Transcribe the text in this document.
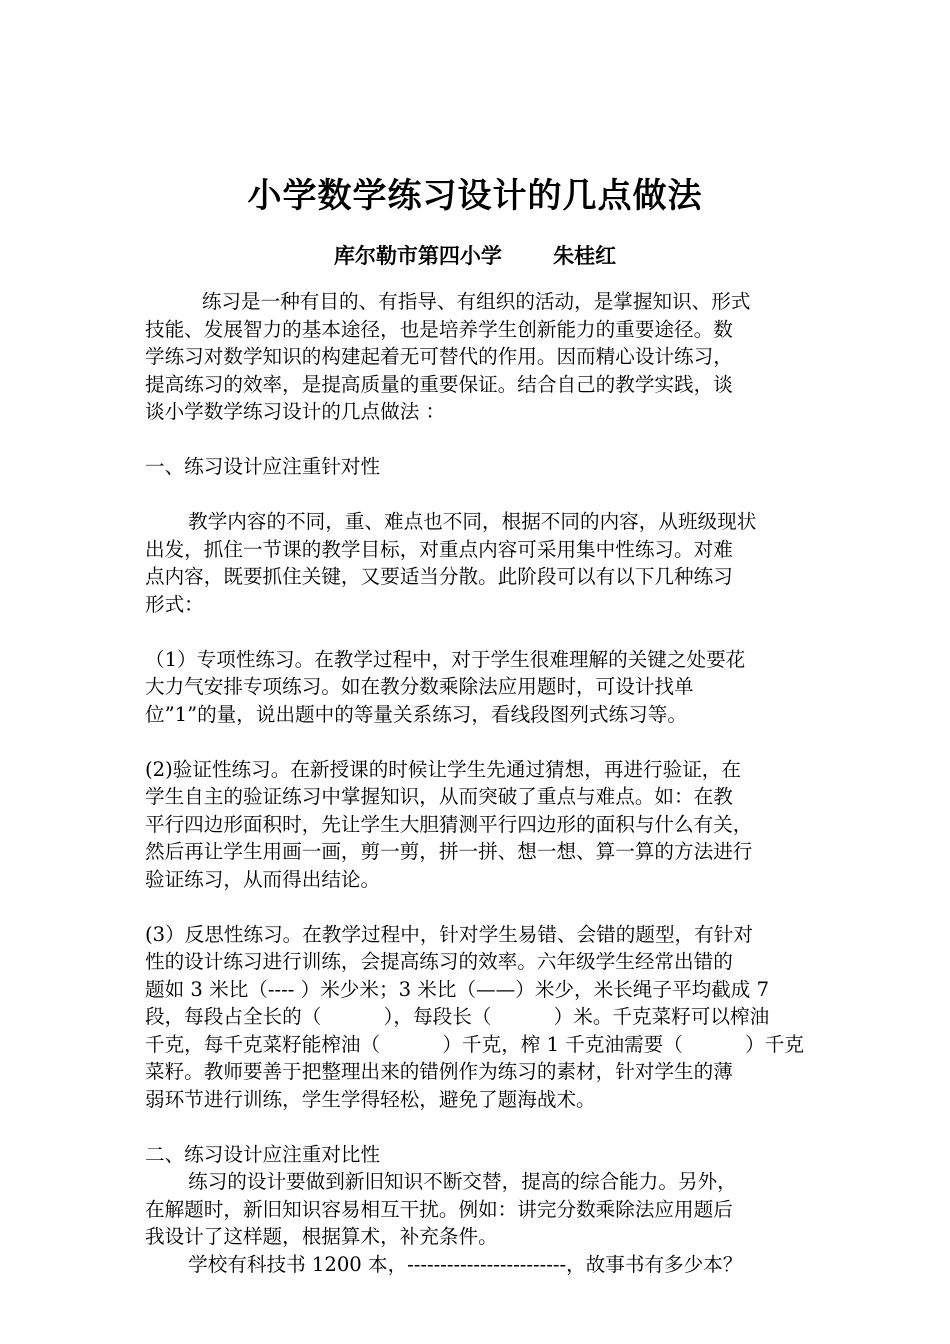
小学数学练习设计的几点做法
库尔勒市第四小学       朱桂红

练习是一种有目的、有指导、有组织的活动，是掌握知识、形式

技能、发展智力的基本途径，也是培养学生创新能力的重要途径。数

学练习对数学知识的构建起着无可替代的作用。因而精心设计练习，

提高练习的效率，是提高质量的重要保证。结合自己的教学实践，谈

谈小学数学练习设计的几点做法 ：

一、练习设计应注重针对性

教学内容的不同，重、难点也不同，根据不同的内容，从班级现状

出发，抓住一节课的教学目标，对重点内容可采用集中性练习。对难

点内容，既要抓住关键，又要适当分散。此阶段可以有以下几种练习

形式：

（1）专项性练习。在教学过程中，对于学生很难理解的关键之处要花

大力气安排专项练习。如在教分数乘除法应用题时，可设计找单

位”1”的量，说出题中的等量关系练习，看线段图列式练习等。

(2)验证性练习。在新授课的时候让学生先通过猜想，再进行验证，在

学生自主的验证练习中掌握知识，从而突破了重点与难点。如：在教

平行四边形面积时，先让学生大胆猜测平行四边形的面积与什么有关，

然后再让学生用画一画，剪一剪，拼一拼、想一想、算一算的方法进行

验证练习，从而得出结论。

(3）反思性练习。在教学过程中，针对学生易错、会错的题型，有针对

性的设计练习进行训练，会提高练习的效率。六年级学生经常出错的

题如 3 米比（---- ）米少米；3 米比（——）米少，米长绳子平均截成 7

段，每段占全长的（          ），每段长（          ）米。千克菜籽可以榨油

千克，每千克菜籽能榨油（          ）千克，榨 1 千克油需要（          ）千克

菜籽。教师要善于把整理出来的错例作为练习的素材，针对学生的薄

弱环节进行训练，学生学得轻松，避免了题海战术。

二、练习设计应注重对比性

练习的设计要做到新旧知识不断交替，提高的综合能力。另外，

在解题时，新旧知识容易相互干扰。例如：讲完分数乘除法应用题后

我设计了这样题，根据算术，补充条件。

学校有科技书 1200 本，------------------------，故事书有多少本？
